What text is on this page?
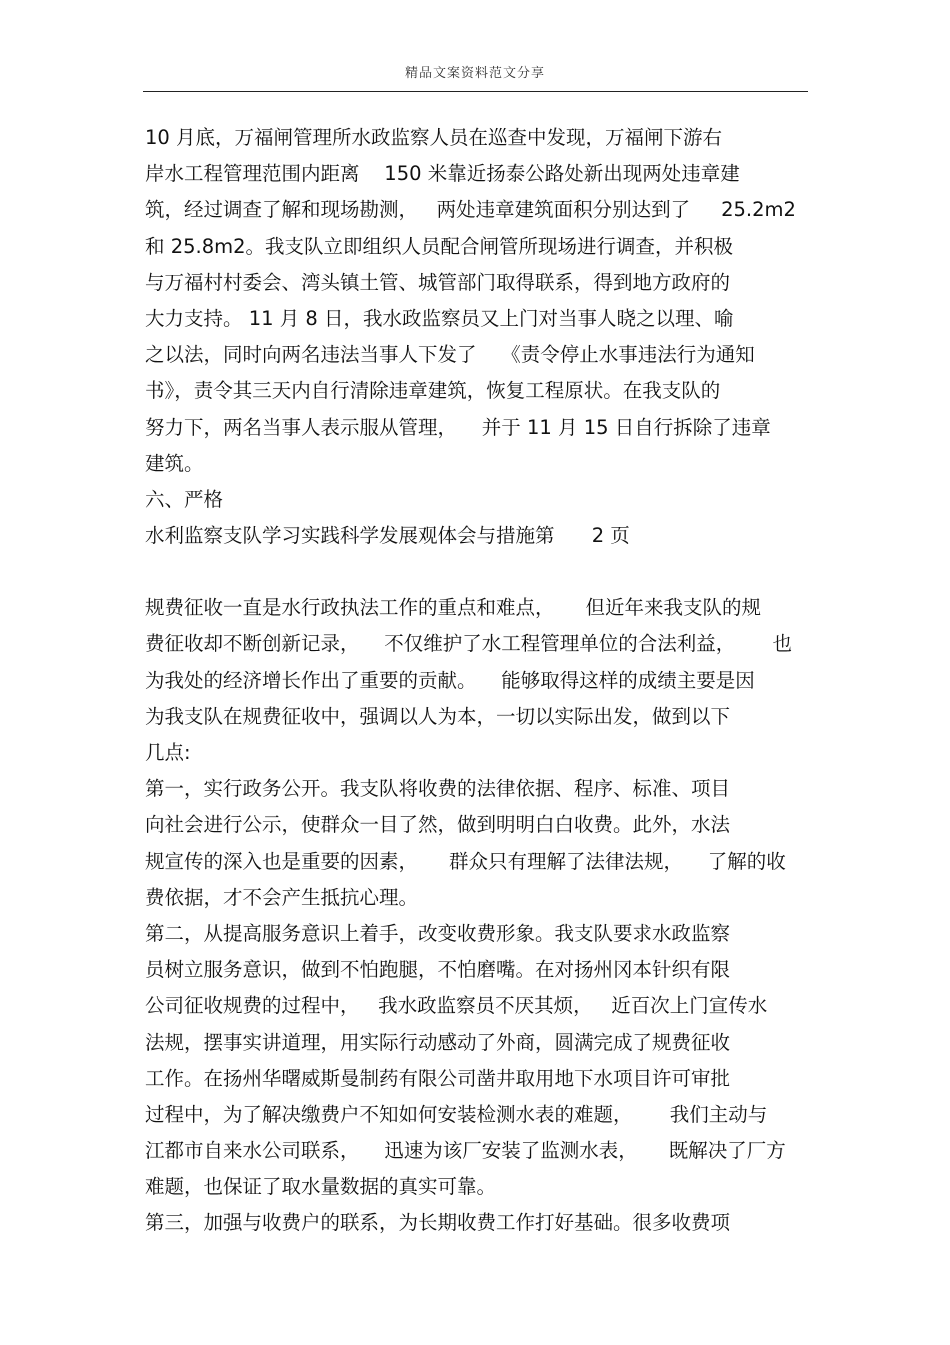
精品文案资料范文分享
10 月底，万福闸管理所水政监察人员在巡查中发现，万福闸下游右
岸水工程管理范围内距离    150 米靠近扬泰公路处新出现两处违章建
筑，经过调查了解和现场勘测，   两处违章建筑面积分别达到了     25.2m2
和 25.8m2。我支队立即组织人员配合闸管所现场进行调查，并积极
与万福村村委会、湾头镇土管、城管部门取得联系，得到地方政府的
大力支持。 11 月 8 日，我水政监察员又上门对当事人晓之以理、喻
之以法，同时向两名违法当事人下发了    《责令停止水事违法行为通知
书》，责令其三天内自行清除违章建筑，恢复工程原状。在我支队的
努力下，两名当事人表示服从管理，    并于 11 月 15 日自行拆除了违章
建筑。
六、严格
水利监察支队学习实践科学发展观体会与措施第      2 页
规费征收一直是水行政执法工作的重点和难点，     但近年来我支队的规
费征收却不断创新记录，    不仅维护了水工程管理单位的合法利益，      也
为我处的经济增长作出了重要的贡献。    能够取得这样的成绩主要是因
为我支队在规费征收中，强调以人为本，一切以实际出发，做到以下
几点:
第一，实行政务公开。我支队将收费的法律依据、程序、标准、项目
向社会进行公示，使群众一目了然，做到明明白白收费。此外，水法
规宣传的深入也是重要的因素，     群众只有理解了法律法规，    了解的收
费依据，才不会产生抵抗心理。
第二，从提高服务意识上着手，改变收费形象。我支队要求水政监察
员树立服务意识，做到不怕跑腿，不怕磨嘴。在对扬州冈本针织有限
公司征收规费的过程中，   我水政监察员不厌其烦，   近百次上门宣传水
法规，摆事实讲道理，用实际行动感动了外商，圆满完成了规费征收
工作。在扬州华曙威斯曼制药有限公司凿井取用地下水项目许可审批
过程中，为了解决缴费户不知如何安装检测水表的难题，      我们主动与
江都市自来水公司联系，    迅速为该厂安装了监测水表，     既解决了厂方
难题，也保证了取水量数据的真实可靠。
第三，加强与收费户的联系，为长期收费工作打好基础。很多收费项
